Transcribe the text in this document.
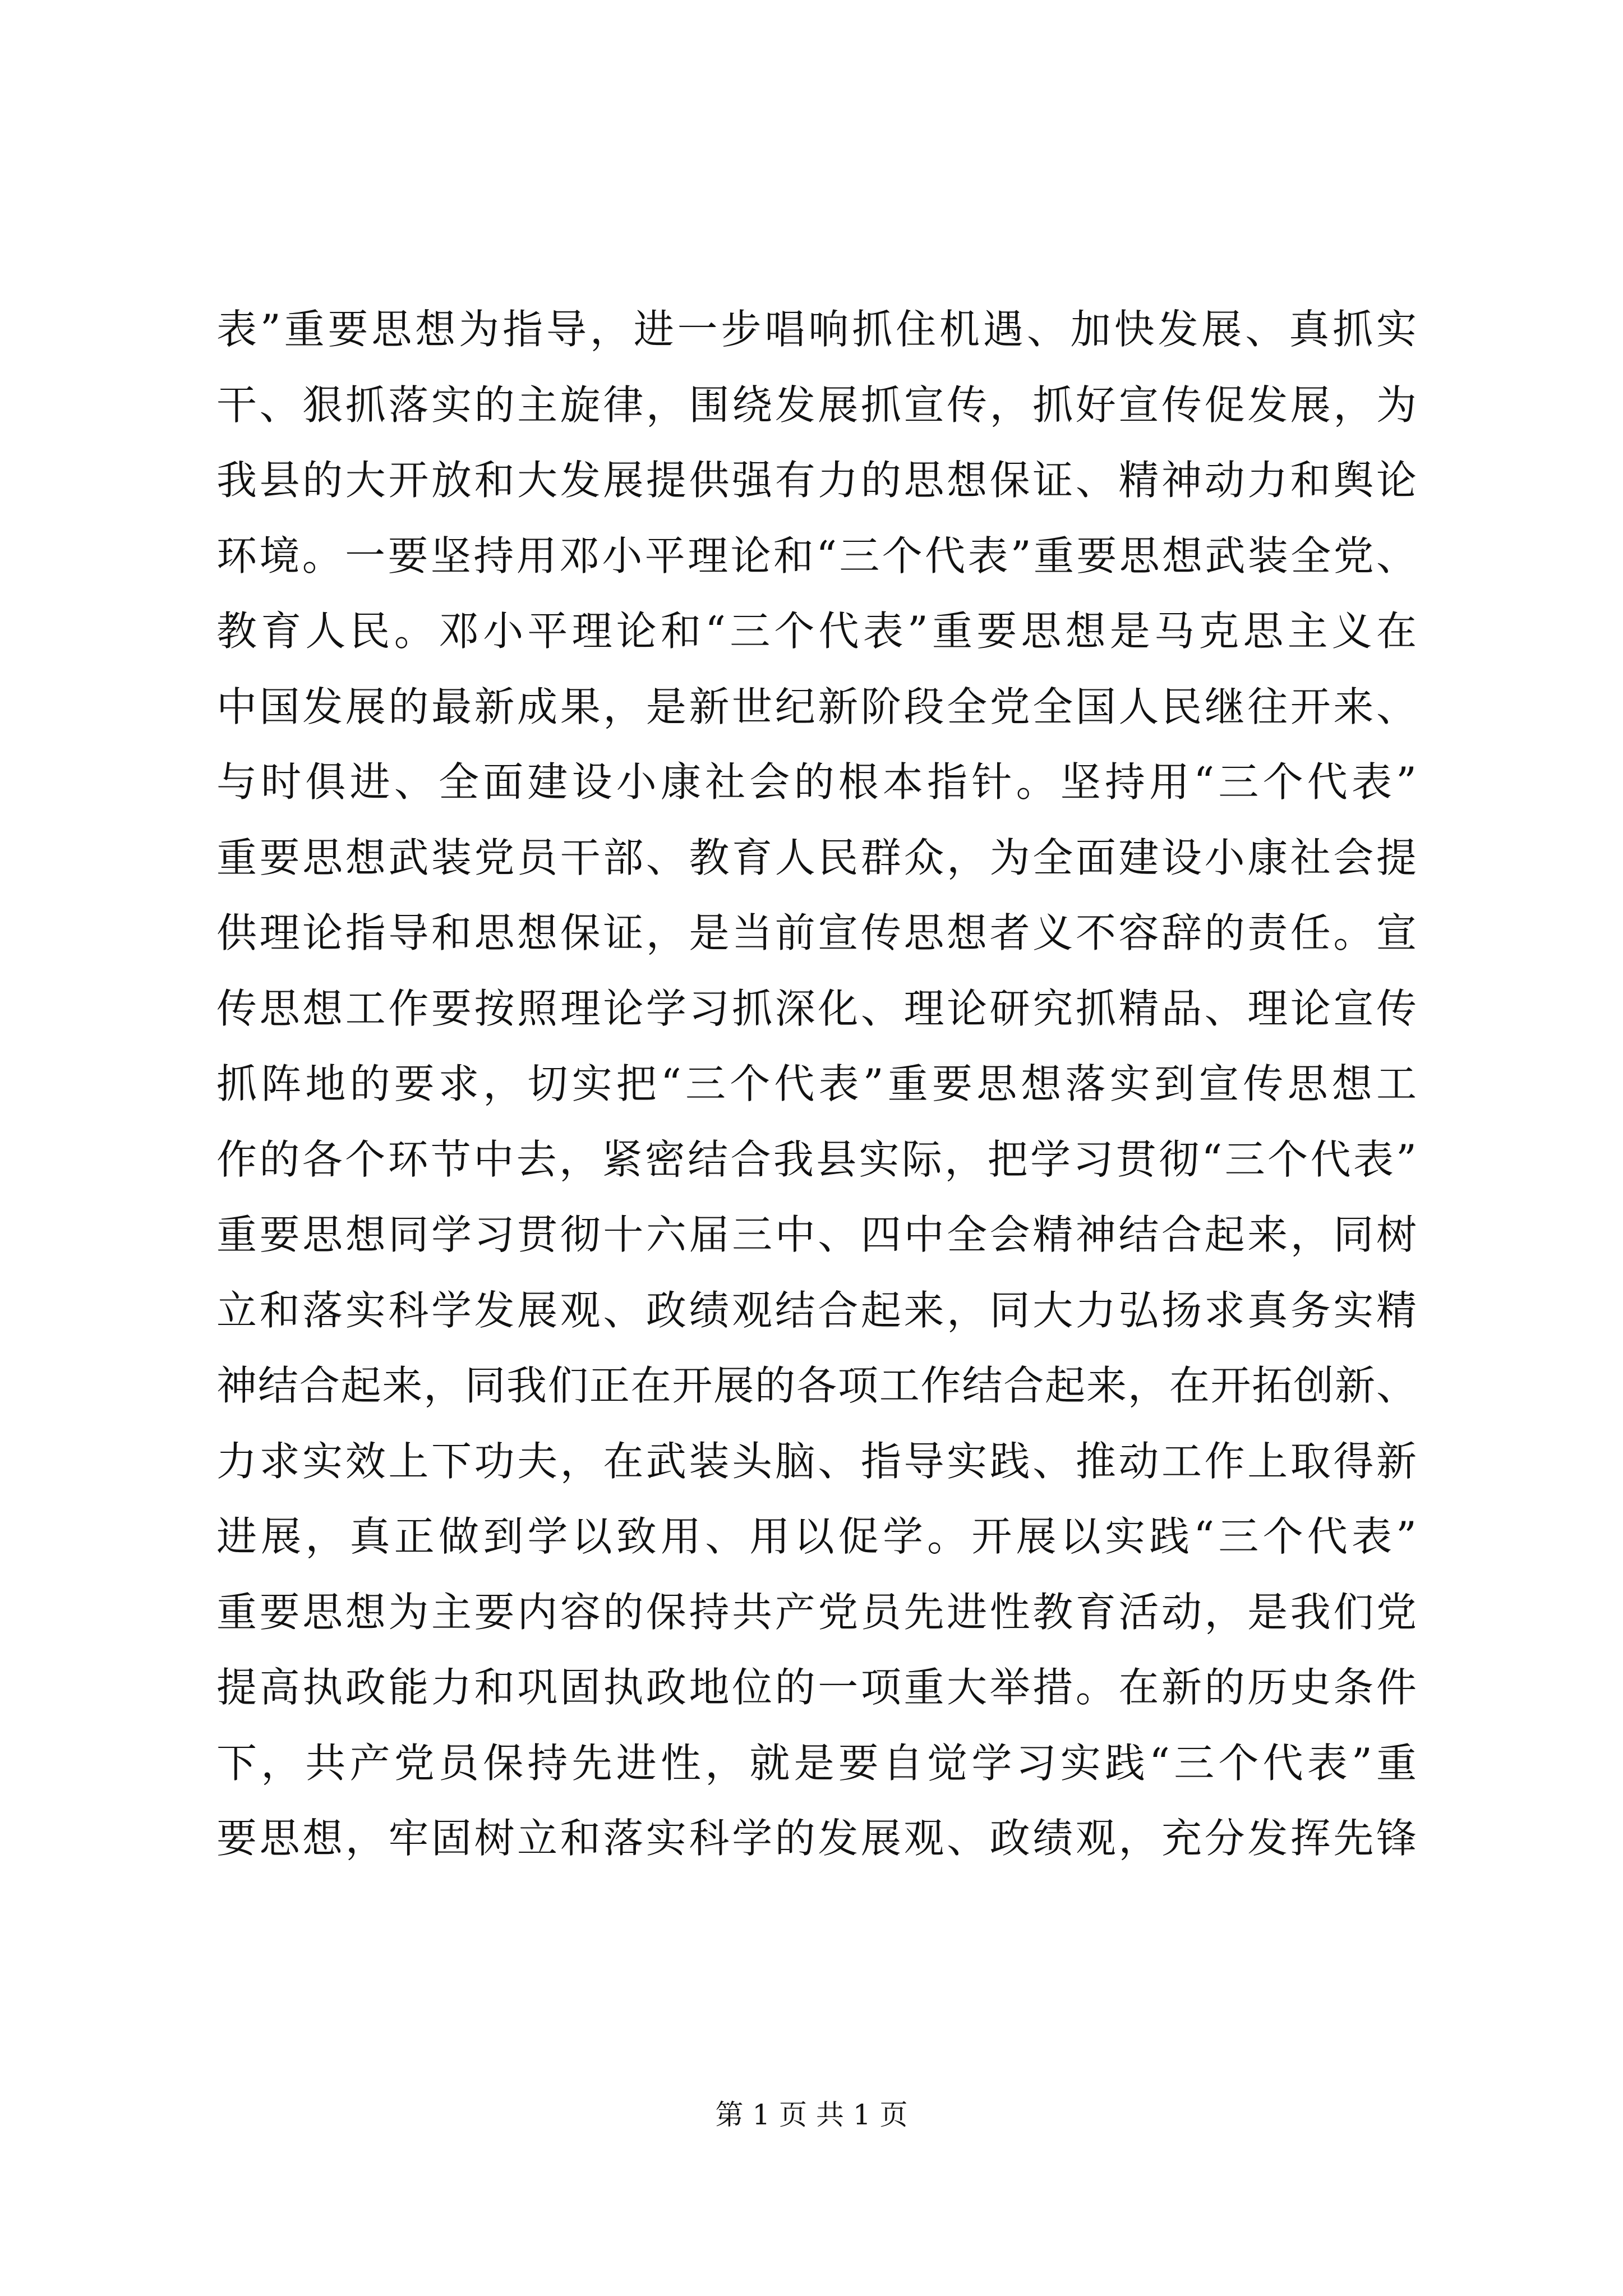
表”重要思想为指导，进一步唱响抓住机遇、加快发展、真抓实
干、狠抓落实的主旋律，围绕发展抓宣传，抓好宣传促发展，为
我县的大开放和大发展提供强有力的思想保证、精神动力和舆论
环境。一要坚持用邓小平理论和“三个代表”重要思想武装全党、
教育人民。邓小平理论和“三个代表”重要思想是马克思主义在
中国发展的最新成果，是新世纪新阶段全党全国人民继往开来、
与时俱进、全面建设小康社会的根本指针。坚持用“三个代表”
重要思想武装党员干部、教育人民群众，为全面建设小康社会提
供理论指导和思想保证，是当前宣传思想者义不容辞的责任。宣
传思想工作要按照理论学习抓深化、理论研究抓精品、理论宣传
抓阵地的要求，切实把“三个代表”重要思想落实到宣传思想工
作的各个环节中去，紧密结合我县实际，把学习贯彻“三个代表”
重要思想同学习贯彻十六届三中、四中全会精神结合起来，同树
立和落实科学发展观、政绩观结合起来，同大力弘扬求真务实精
神结合起来，同我们正在开展的各项工作结合起来，在开拓创新、
力求实效上下功夫，在武装头脑、指导实践、推动工作上取得新
进展，真正做到学以致用、用以促学。开展以实践“三个代表”
重要思想为主要内容的保持共产党员先进性教育活动，是我们党
提高执政能力和巩固执政地位的一项重大举措。在新的历史条件
下，共产党员保持先进性，就是要自觉学习实践“三个代表”重
要思想，牢固树立和落实科学的发展观、政绩观，充分发挥先锋
第 1 页 共 1 页
